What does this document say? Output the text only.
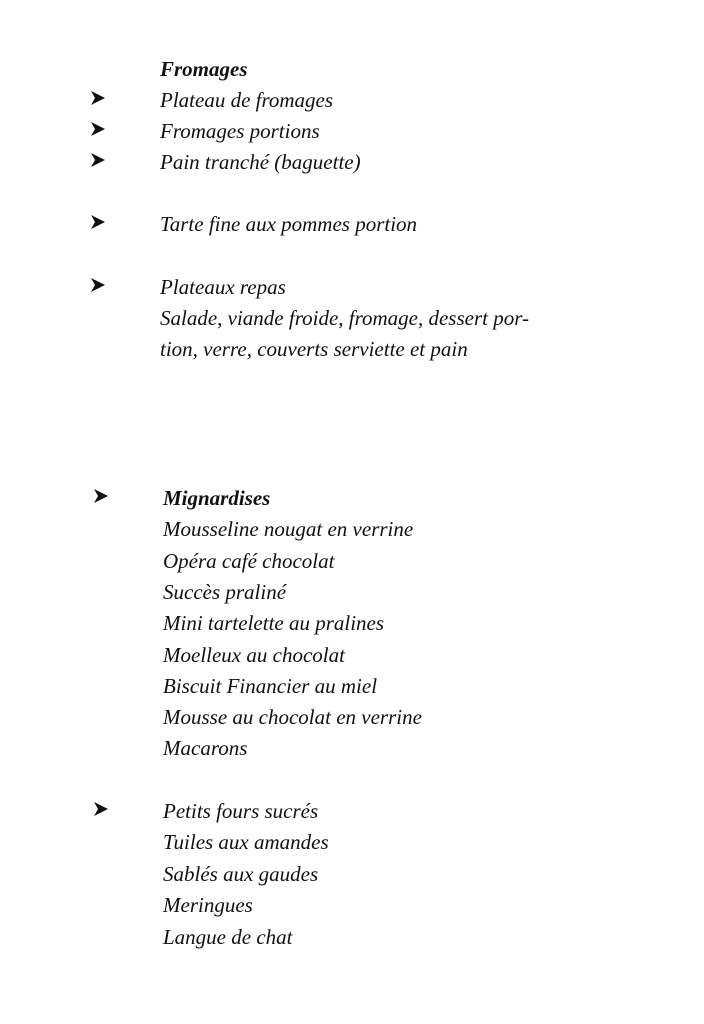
Fromages
Plateau de fromages
Fromages portions
Pain tranché (baguette)
Tarte fine aux pommes portion
Plateaux repas
Salade, viande froide, fromage, dessert por-
tion, verre, couverts serviette et pain
Mignardises
Mousseline nougat en verrine
Opéra café chocolat
Succès praliné
Mini tartelette au pralines
Moelleux au chocolat
Biscuit Financier au miel
Mousse au chocolat en verrine
Macarons
Petits fours sucrés
Tuiles aux amandes
Sablés aux gaudes
Meringues
Langue de chat
